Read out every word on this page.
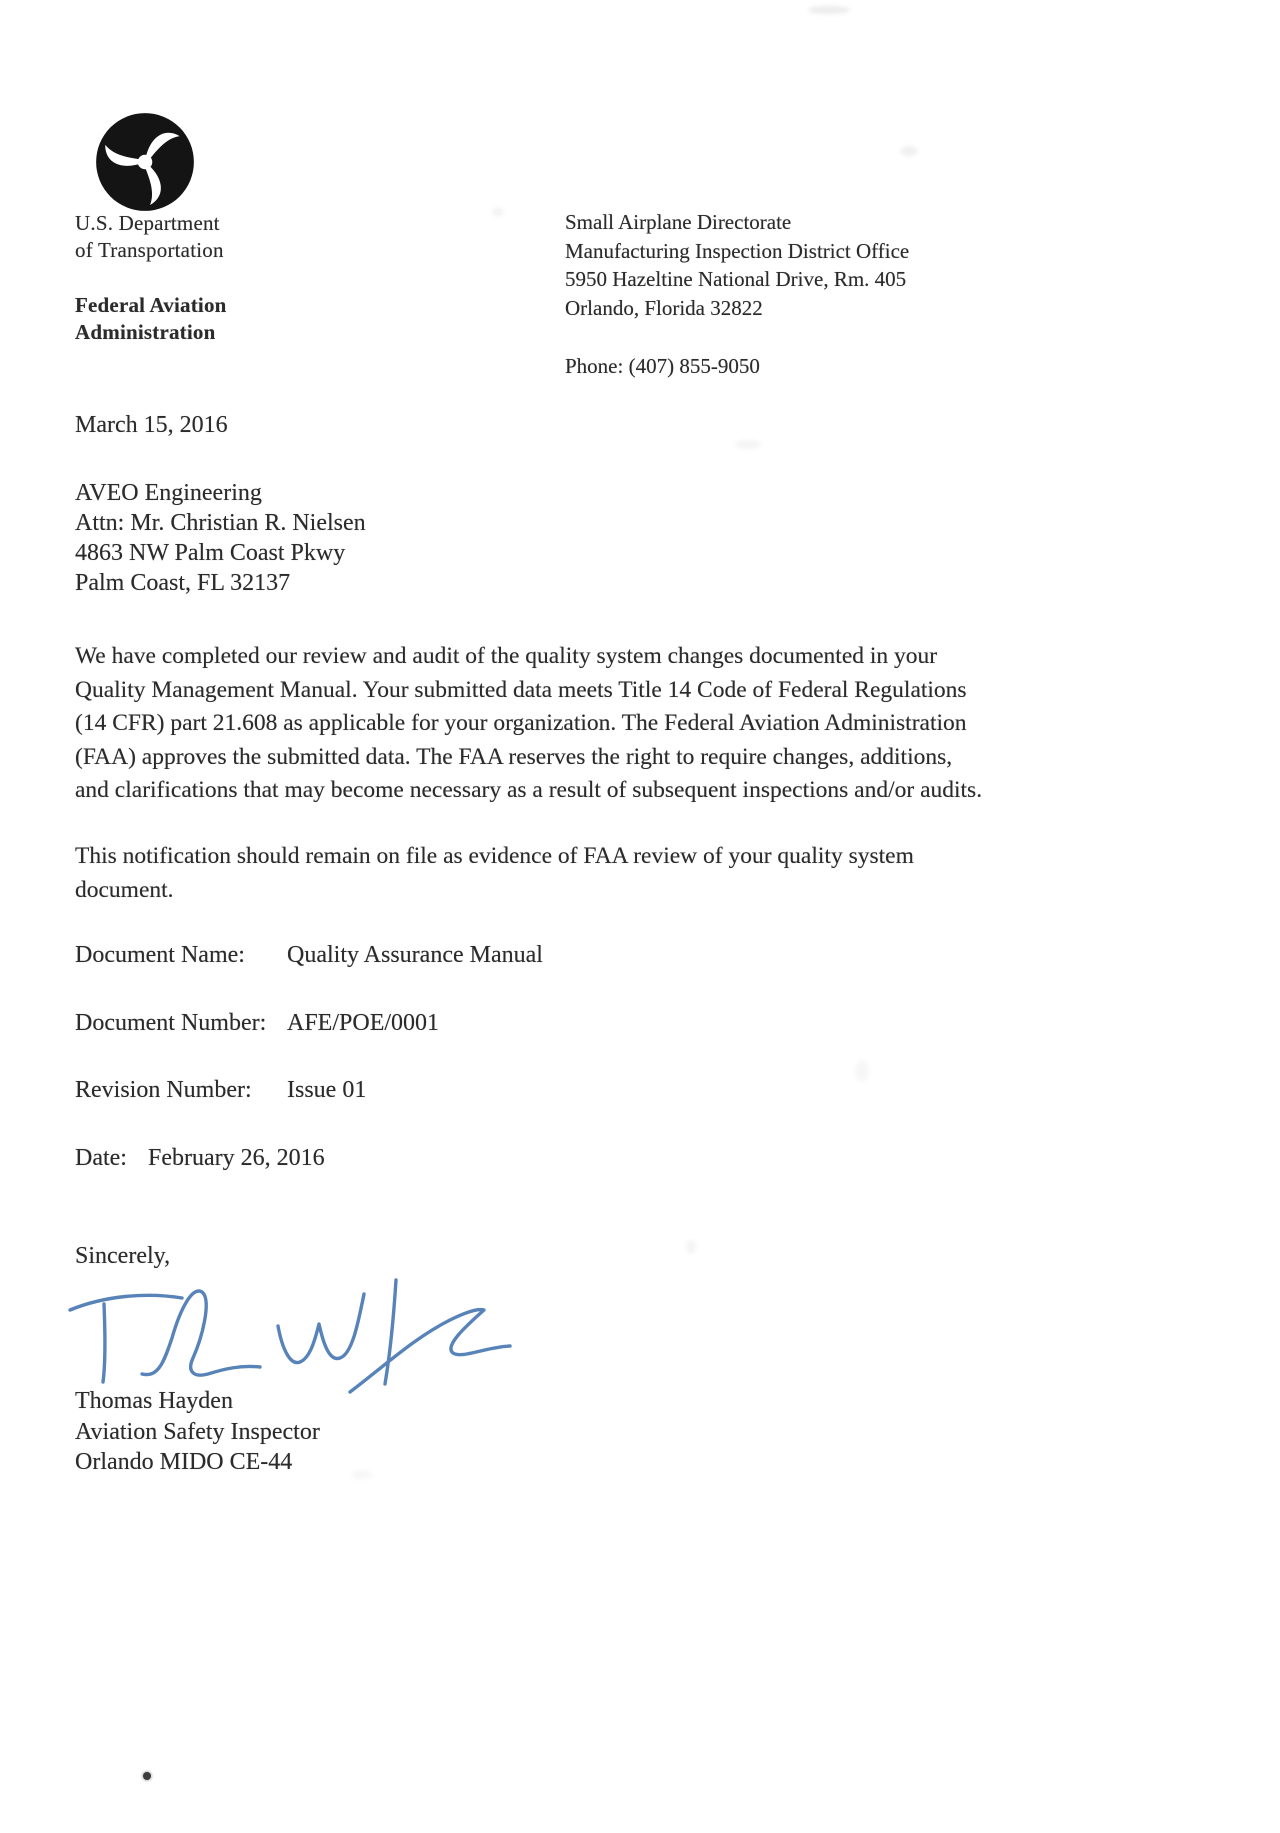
U.S. Department
of Transportation
Federal Aviation
Administration
Small Airplane Directorate
Manufacturing Inspection District Office
5950 Hazeltine National Drive, Rm. 405
Orlando, Florida 32822
Phone: (407) 855-9050
March 15, 2016
AVEO Engineering
Attn: Mr. Christian R. Nielsen
4863 NW Palm Coast Pkwy
Palm Coast, FL 32137
We have completed our review and audit of the quality system changes documented in your
Quality Management Manual. Your submitted data meets Title 14 Code of Federal Regulations
(14 CFR) part 21.608 as applicable for your organization. The Federal Aviation Administration
(FAA) approves the submitted data. The FAA reserves the right to require changes, additions,
and clarifications that may become necessary as a result of subsequent inspections and/or audits.
This notification should remain on file as evidence of FAA review of your quality system
document.
Document Name: Quality Assurance Manual
Document Number: AFE/POE/0001
Revision Number: Issue 01
Date: February 26, 2016
Sincerely,
Thomas Hayden
Aviation Safety Inspector
Orlando MIDO CE-44
